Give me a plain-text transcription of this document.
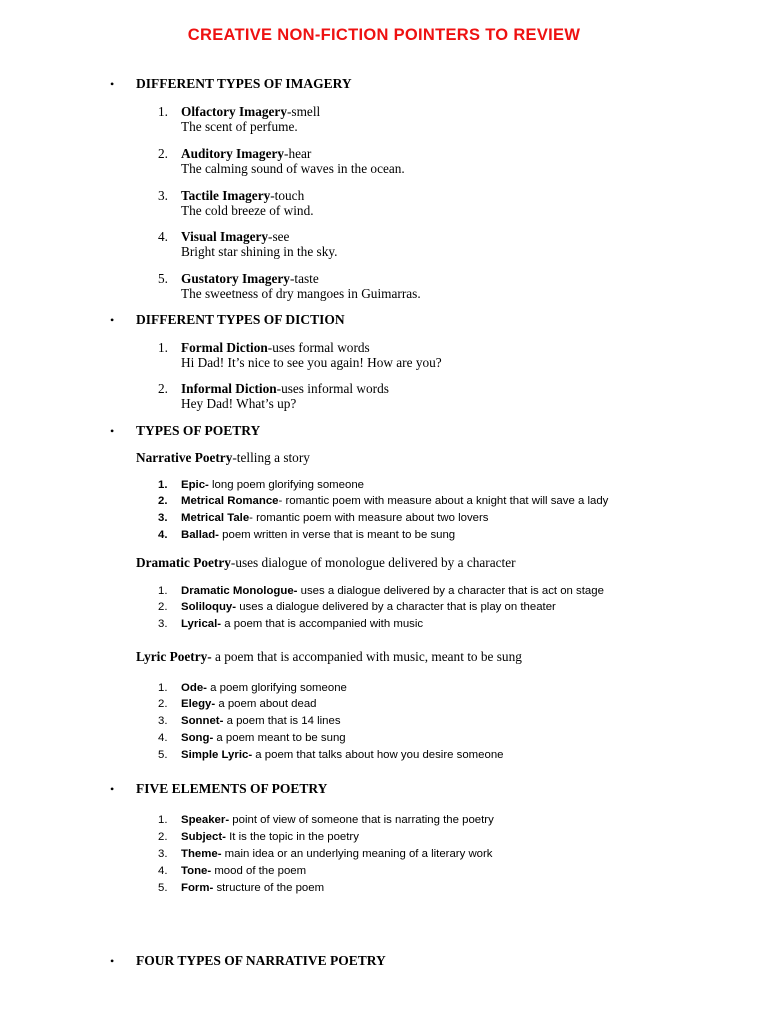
CREATIVE NON-FICTION POINTERS TO REVIEW
• DIFFERENT TYPES OF IMAGERY
1. Olfactory Imagery-smell
The scent of perfume.
2. Auditory Imagery-hear
The calming sound of waves in the ocean.
3. Tactile Imagery-touch
The cold breeze of wind.
4. Visual Imagery-see
Bright star shining in the sky.
5. Gustatory Imagery-taste
The sweetness of dry mangoes in Guimarras.
• DIFFERENT TYPES OF DICTION
1. Formal Diction-uses formal words
Hi Dad! It’s nice to see you again! How are you?
2. Informal Diction-uses informal words
Hey Dad! What’s up?
• TYPES OF POETRY
Narrative Poetry-telling a story
1. Epic- long poem glorifying someone
2. Metrical Romance- romantic poem with measure about a knight that will save a lady
3. Metrical Tale- romantic poem with measure about two lovers
4. Ballad- poem written in verse that is meant to be sung
Dramatic Poetry-uses dialogue of monologue delivered by a character
1. Dramatic Monologue- uses a dialogue delivered by a character that is act on stage
2. Soliloquy- uses a dialogue delivered by a character that is play on theater
3. Lyrical- a poem that is accompanied with music
Lyric Poetry- a poem that is accompanied with music, meant to be sung
1. Ode- a poem glorifying someone
2. Elegy- a poem about dead
3. Sonnet- a poem that is 14 lines
4. Song- a poem meant to be sung
5. Simple Lyric- a poem that talks about how you desire someone
• FIVE ELEMENTS OF POETRY
1. Speaker- point of view of someone that is narrating the poetry
2. Subject- It is the topic in the poetry
3. Theme- main idea or an underlying meaning of a literary work
4. Tone- mood of the poem
5. Form- structure of the poem
• FOUR TYPES OF NARRATIVE POETRY
